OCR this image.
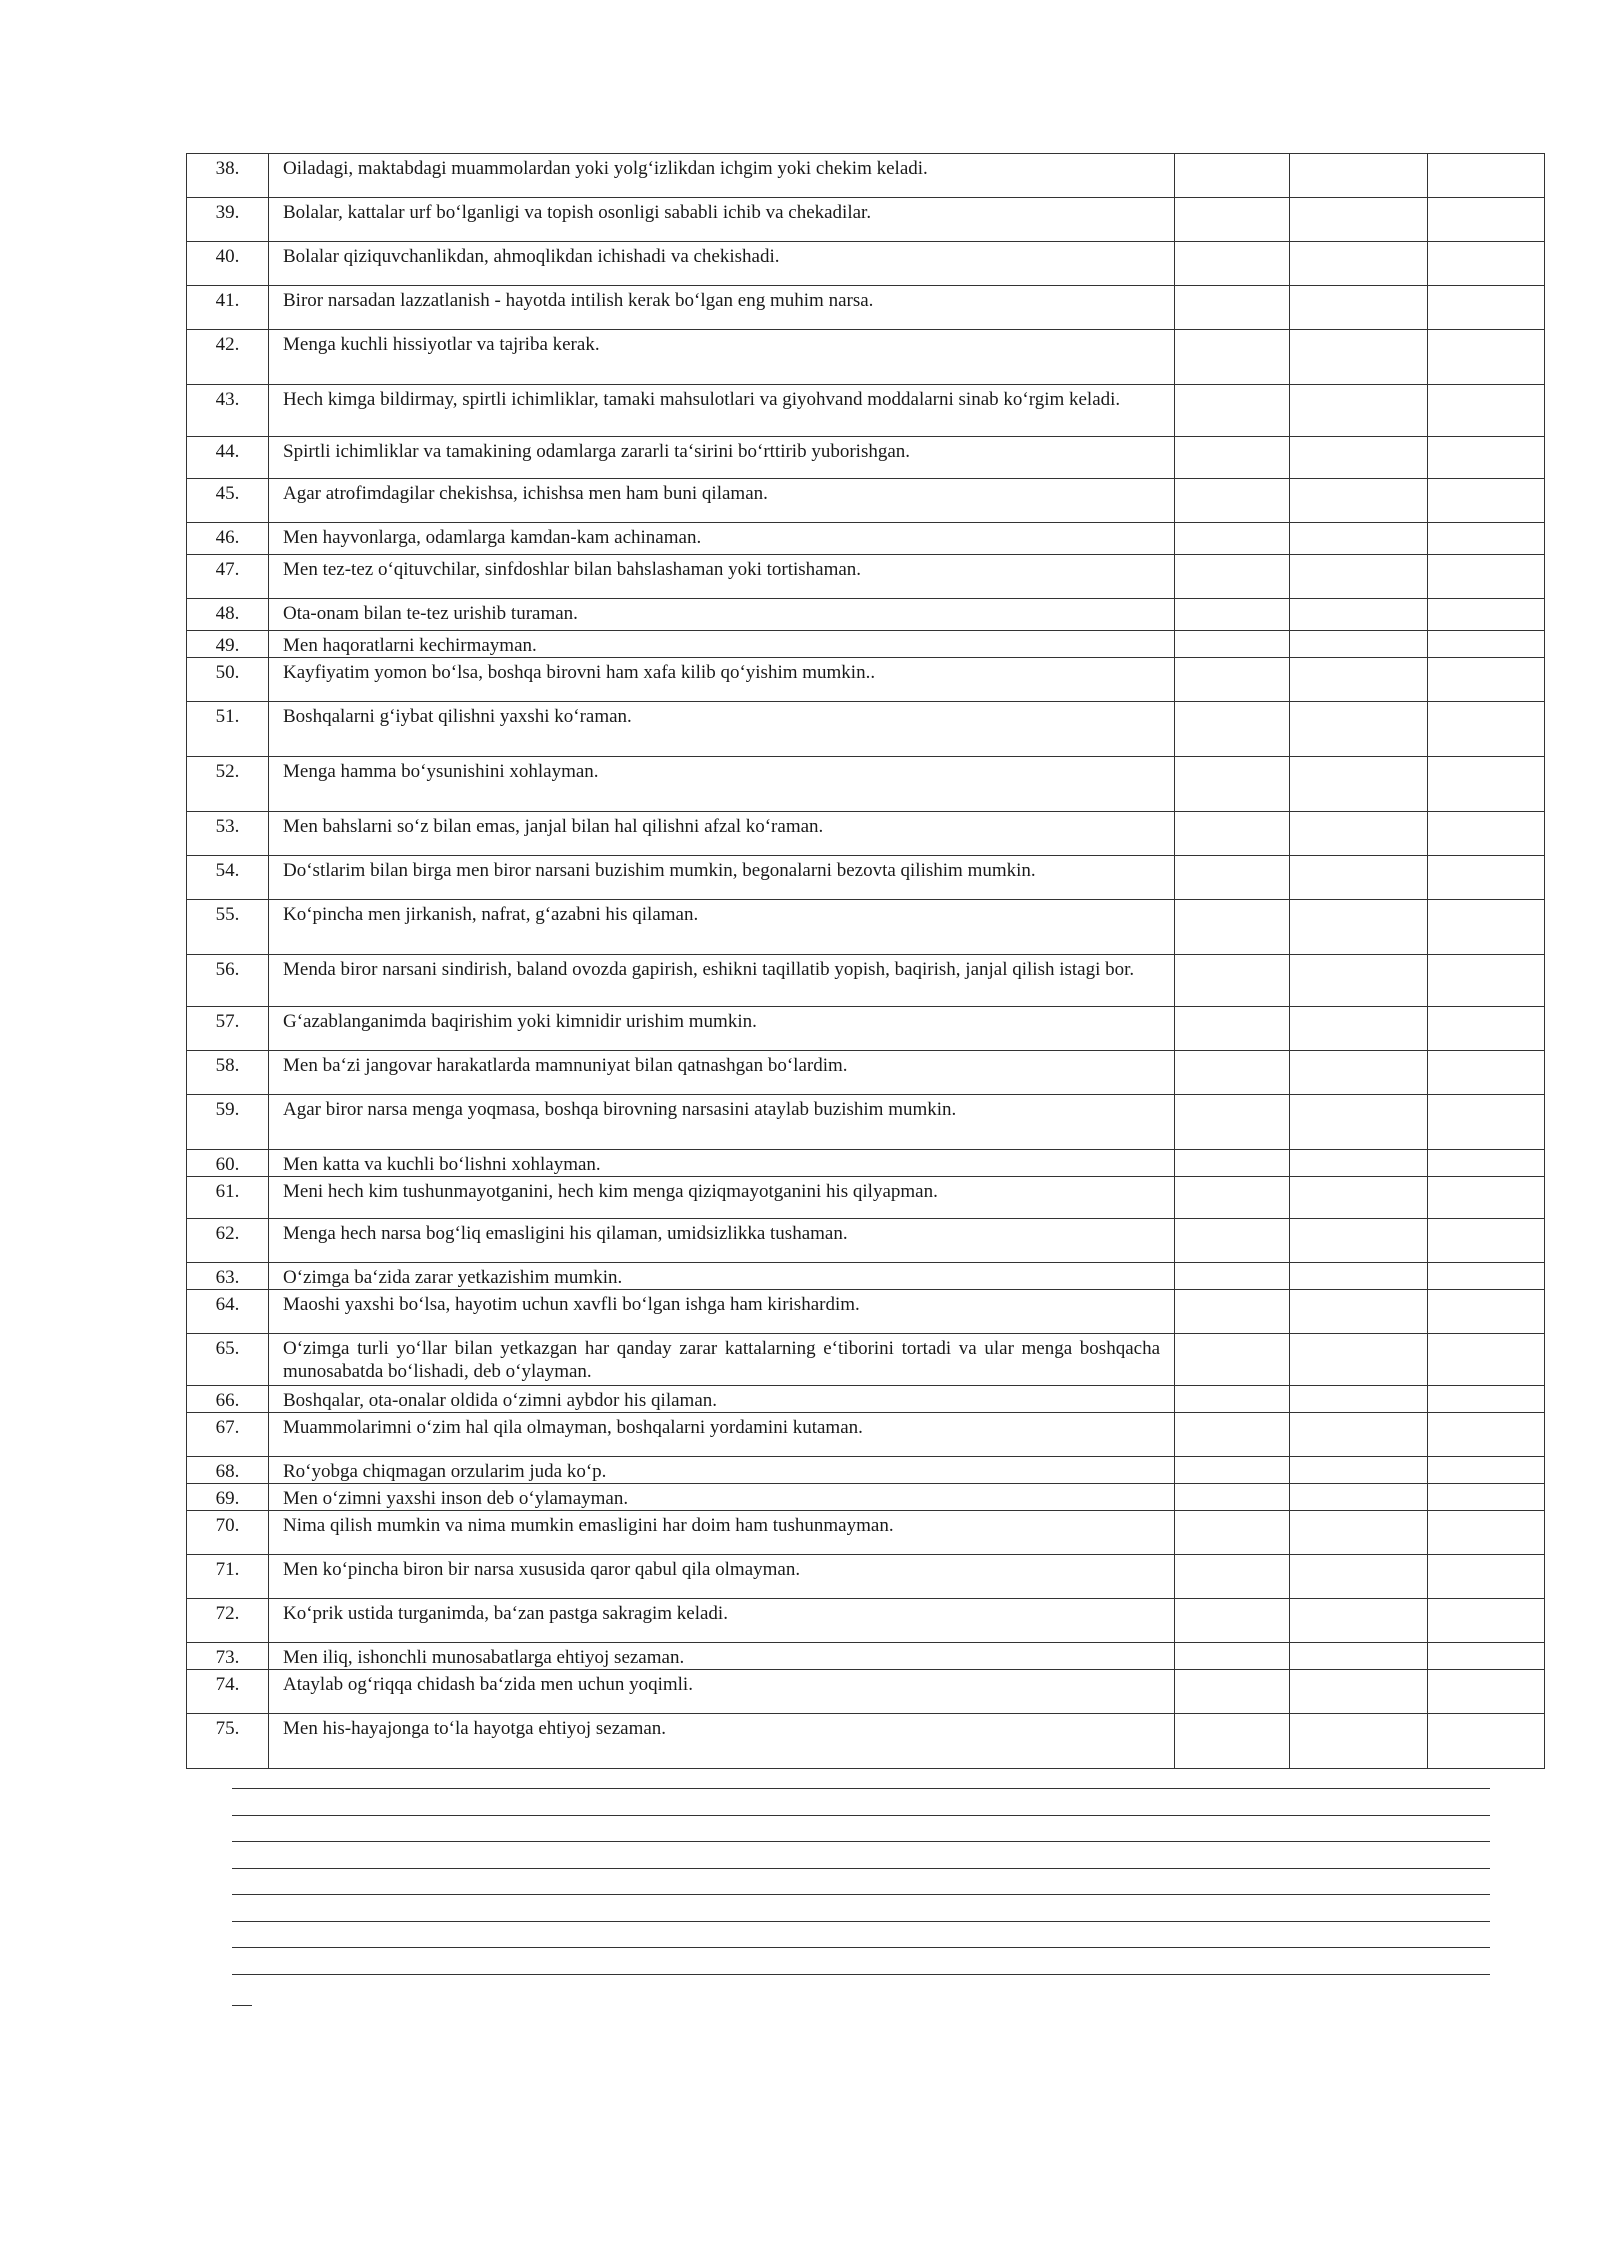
38.	Oiladagi, maktabdagi muammolardan yoki yolg‘izlikdan ichgim yoki chekim keladi.			
39.	Bolalar, kattalar urf bo‘lganligi va topish osonligi sababli ichib va chekadilar.			
40.	Bolalar qiziquvchanlikdan, ahmoqlikdan ichishadi va chekishadi.			
41.	Biror narsadan lazzatlanish - hayotda intilish kerak bo‘lgan eng muhim narsa.			
42.	Menga kuchli hissiyotlar va tajriba kerak.			
43.	Hech kimga bildirmay, spirtli ichimliklar, tamaki mahsulotlari va giyohvand moddalarni sinab ko‘rgim keladi.			
44.	Spirtli ichimliklar va tamakining odamlarga zararli ta‘sirini bo‘rttirib yuborishgan.			
45.	Agar atrofimdagilar chekishsa, ichishsa men ham buni qilaman.			
46.	Men hayvonlarga, odamlarga kamdan-kam achinaman.			
47.	Men tez-tez o‘qituvchilar, sinfdoshlar bilan bahslashaman yoki tortishaman.			
48.	Ota-onam bilan te-tez urishib turaman.			
49.	Men haqoratlarni kechirmayman.			
50.	Kayfiyatim yomon bo‘lsa, boshqa birovni ham xafa kilib qo‘yishim mumkin..			
51.	Boshqalarni g‘iybat qilishni yaxshi ko‘raman.			
52.	Menga hamma bo‘ysunishini xohlayman.			
53.	Men bahslarni so‘z bilan emas, janjal bilan hal qilishni afzal ko‘raman.			
54.	Do‘stlarim bilan birga men biror narsani buzishim mumkin, begonalarni bezovta qilishim mumkin.			
55.	Ko‘pincha men jirkanish, nafrat, g‘azabni his qilaman.			
56.	Menda biror narsani sindirish, baland ovozda gapirish, eshikni taqillatib yopish, baqirish, janjal qilish istagi bor.			
57.	G‘azablanganimda baqirishim yoki kimnidir urishim mumkin.			
58.	Men ba‘zi jangovar harakatlarda mamnuniyat bilan qatnashgan bo‘lardim.			
59.	Agar biror narsa menga yoqmasa, boshqa birovning narsasini ataylab buzishim mumkin.			
60.	Men katta va kuchli bo‘lishni xohlayman.			
61.	Meni hech kim tushunmayotganini, hech kim menga qiziqmayotganini his qilyapman.			
62.	Menga hech narsa bog‘liq emasligini his qilaman, umidsizlikka tushaman.			
63.	O‘zimga ba‘zida zarar yetkazishim mumkin.			
64.	Maoshi yaxshi bo‘lsa, hayotim uchun xavfli bo‘lgan ishga ham kirishardim.			
65.	O‘zimga turli yo‘llar bilan yetkazgan har qanday zarar kattalarning e‘tiborini tortadi va ular menga boshqacha munosabatda bo‘lishadi, deb o‘ylayman.			
66.	Boshqalar, ota-onalar oldida o‘zimni aybdor his qilaman.			
67.	Muammolarimni o‘zim hal qila olmayman, boshqalarni yordamini kutaman.			
68.	Ro‘yobga chiqmagan orzularim juda ko‘p.			
69.	Men o‘zimni yaxshi inson deb o‘ylamayman.			
70.	Nima qilish mumkin va nima mumkin emasligini har doim ham tushunmayman.			
71.	Men ko‘pincha biron bir narsa xususida qaror qabul qila olmayman.			
72.	Ko‘prik ustida turganimda, ba‘zan pastga sakragim keladi.			
73.	Men iliq, ishonchli munosabatlarga ehtiyoj sezaman.			
74.	Ataylab og‘riqqa chidash ba‘zida men uchun yoqimli.			
75.	Men his-hayajonga to‘la hayotga ehtiyoj sezaman.			
